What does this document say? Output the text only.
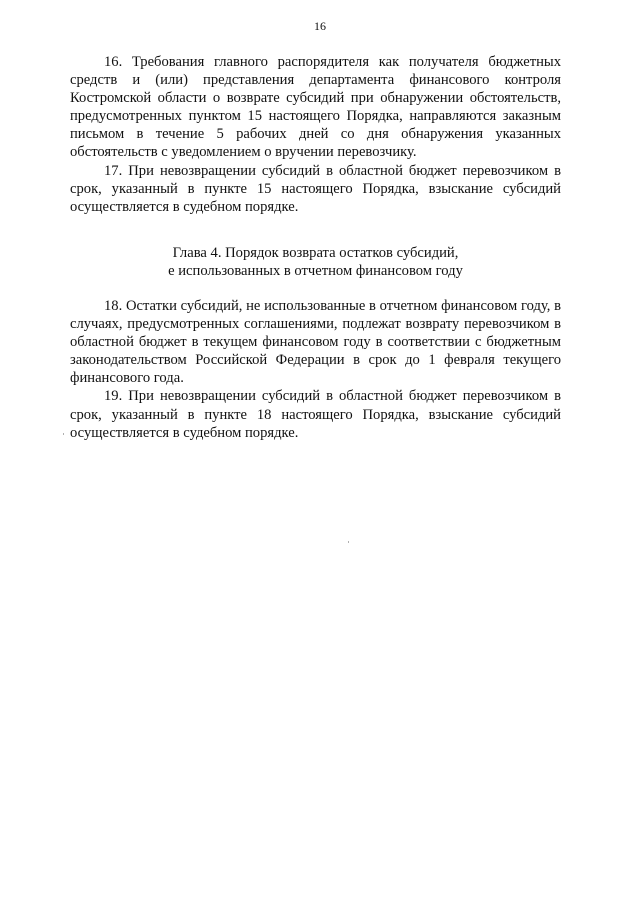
16

16. Требования главного распорядителя как получателя бюджетных средств и (или) представления департамента финансового контроля Костромской области о возврате субсидий при обнаружении обстоятельств, предусмотренных пунктом 15 настоящего Порядка, направляются заказным письмом в течение 5 рабочих дней со дня обнаружения указанных обстоятельств с уведомлением о вручении перевозчику.

17. При невозвращении субсидий в областной бюджет перевозчиком в срок, указанный в пункте 15 настоящего Порядка, взыскание субсидий осуществляется в судебном порядке.

Глава 4. Порядок возврата остатков субсидий,
е использованных в отчетном финансовом году

18. Остатки субсидий, не использованные в отчетном финансовом году, в случаях, предусмотренных соглашениями, подлежат возврату перевозчиком в областной бюджет в текущем финансовом году в соответствии с бюджетным законодательством Российской Федерации в срок до 1 февраля текущего финансового года.

19. При невозвращении субсидий в областной бюджет перевозчиком в срок, указанный в пункте 18 настоящего Порядка, взыскание субсидий осуществляется в судебном порядке.
